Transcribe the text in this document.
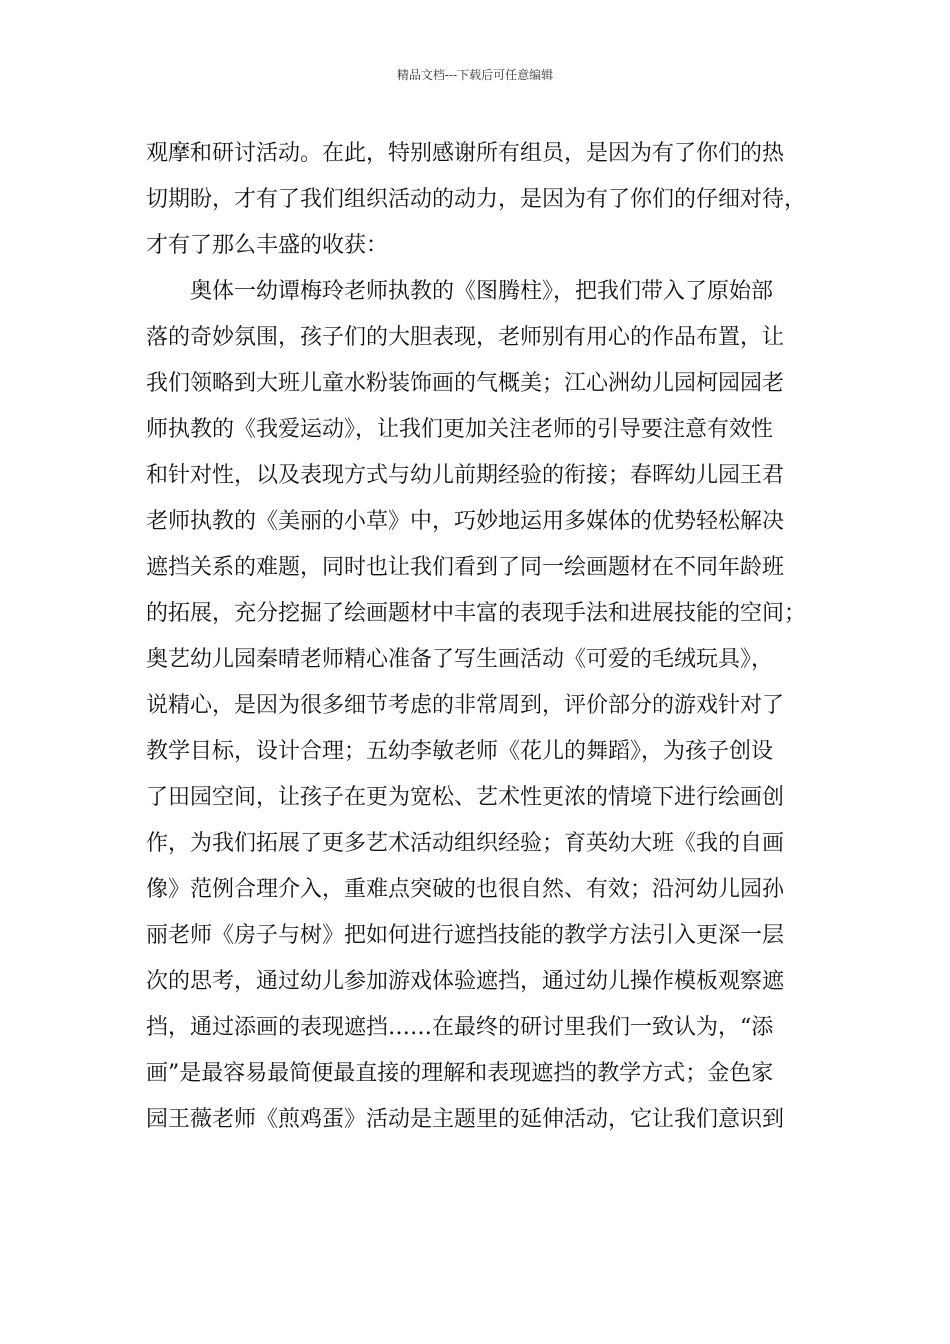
精品文档---下载后可任意编辑
观摩和研讨活动。在此，特别感谢所有组员，是因为有了你们的热
切期盼，才有了我们组织活动的动力，是因为有了你们的仔细对待，
才有了那么丰盛的收获：
奥体一幼谭梅玲老师执教的《图腾柱》，把我们带入了原始部
落的奇妙氛围，孩子们的大胆表现，老师别有用心的作品布置，让
我们领略到大班儿童水粉装饰画的气概美；江心洲幼儿园柯园园老
师执教的《我爱运动》，让我们更加关注老师的引导要注意有效性
和针对性，以及表现方式与幼儿前期经验的衔接；春晖幼儿园王君
老师执教的《美丽的小草》中，巧妙地运用多媒体的优势轻松解决
遮挡关系的难题，同时也让我们看到了同一绘画题材在不同年龄班
的拓展，充分挖掘了绘画题材中丰富的表现手法和进展技能的空间；
奥艺幼儿园秦晴老师精心准备了写生画活动《可爱的毛绒玩具》，
说精心，是因为很多细节考虑的非常周到，评价部分的游戏针对了
教学目标，设计合理；五幼李敏老师《花儿的舞蹈》，为孩子创设
了田园空间，让孩子在更为宽松、艺术性更浓的情境下进行绘画创
作，为我们拓展了更多艺术活动组织经验；育英幼大班《我的自画
像》范例合理介入，重难点突破的也很自然、有效；沿河幼儿园孙
丽老师《房子与树》把如何进行遮挡技能的教学方法引入更深一层
次的思考，通过幼儿参加游戏体验遮挡，通过幼儿操作模板观察遮
挡，通过添画的表现遮挡……在最终的研讨里我们一致认为，“添
画”是最容易最简便最直接的理解和表现遮挡的教学方式；金色家
园王薇老师《煎鸡蛋》活动是主题里的延伸活动，它让我们意识到
